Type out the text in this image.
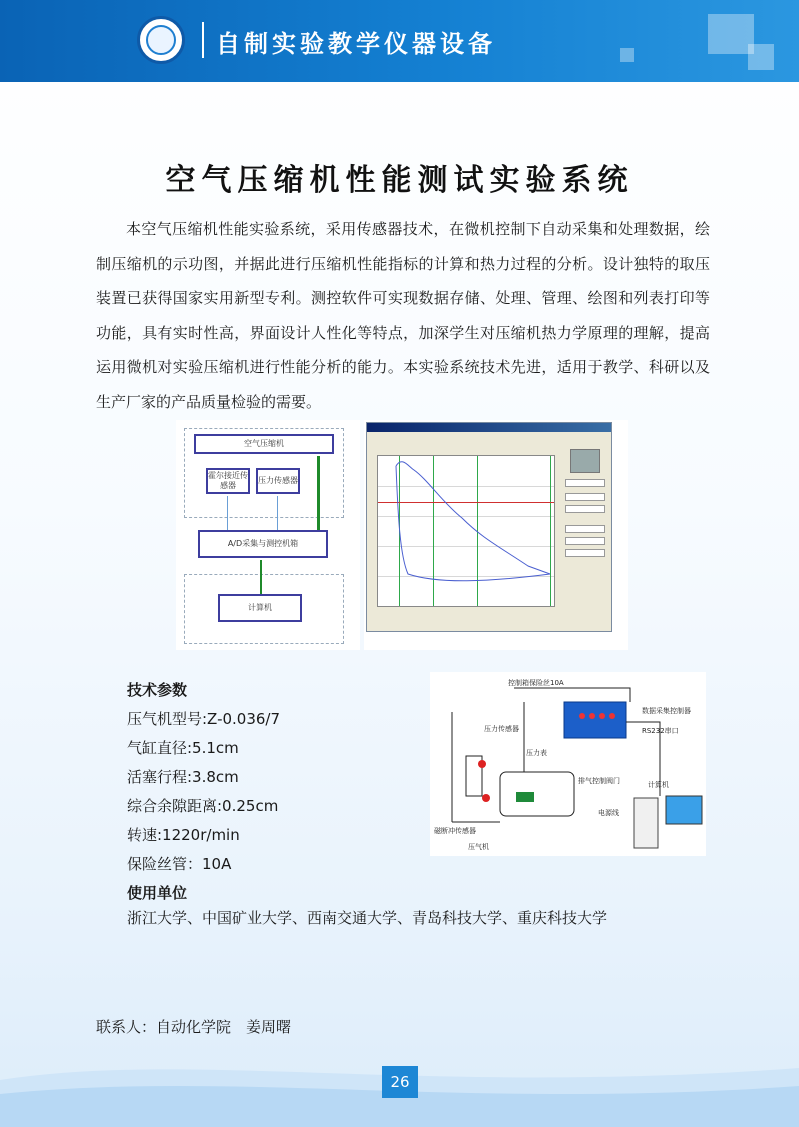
自制实验教学仪器设备
空气压缩机性能测试实验系统
本空气压缩机性能实验系统，采用传感器技术，在微机控制下自动采集和处理数据，绘制压缩机的示功图，并据此进行压缩机性能指标的计算和热力过程的分析。设计独特的取压装置已获得国家实用新型专利。测控软件可实现数据存储、处理、管理、绘图和列表打印等功能，具有实时性高，界面设计人性化等特点，加深学生对压缩机热力学原理的理解，提高运用微机对实验压缩机进行性能分析的能力。本实验系统技术先进，适用于教学、科研以及生产厂家的产品质量检验的需要。
空气压缩机
霍尔接近传感器
压力传感器
A/D采集与测控机箱
计算机
技术参数
压气机型号:Z-0.036/7
气缸直径:5.1cm
活塞行程:3.8cm
综合余隙距离:0.25cm
转速:1220r/min
保险丝管：10A
使用单位
浙江大学、中国矿业大学、西南交通大学、青岛科技大学、重庆科技大学
控制箱保险丝10A
压力传感器
压力表
数据采集控制器
RS232串口
计算机
排气控制阀门
电源线
磁断冲传感器
压气机
联系人：自动化学院　姜周曙
26
